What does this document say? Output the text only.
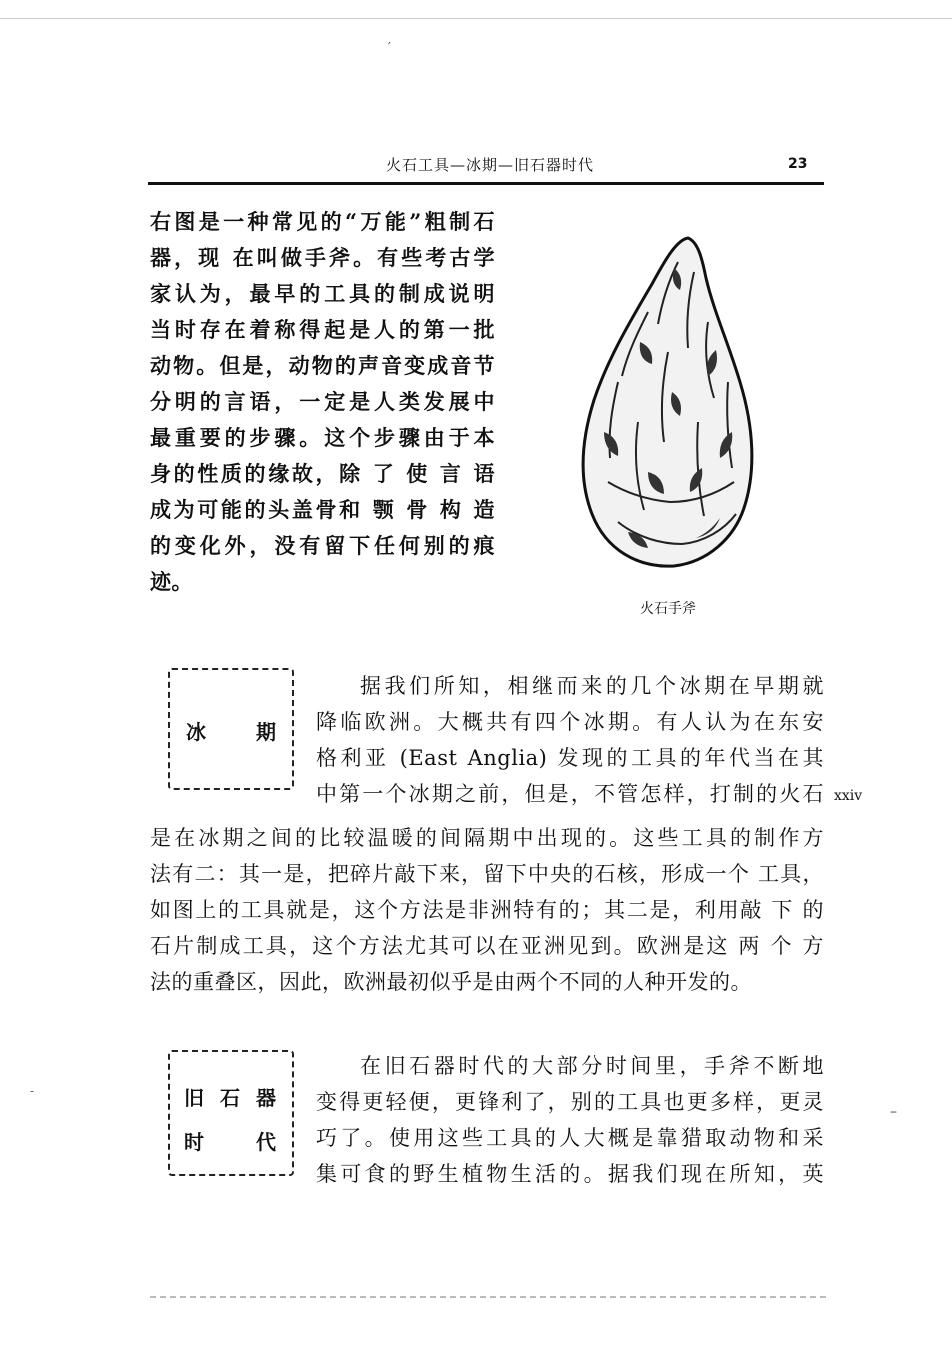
′
火石工具—冰期—旧石器时代	23
右图是一种常见的“万能”粗制石
器，现 在叫做手斧。有些考古学
家认为，最早的工具的制成说明
当时存在着称得起是人的第一批
动物。但是，动物的声音变成音节
分明的言语，一定是人类发展中
最重要的步骤。这个步骤由于本
身的性质的缘故，除 了 使 言 语
成为可能的头盖骨和 颚 骨 构 造
的变化外，没有留下任何别的痕
迹。
火石手斧
冰	期
据我们所知，相继而来的几个冰期在早期就
降临欧洲。大概共有四个冰期。有人认为在东安
格利亚 (East Anglia) 发现的工具的年代当在其
中第一个冰期之前，但是，不管怎样，打制的火石 xxiv
是在冰期之间的比较温暖的间隔期中出现的。这些工具的制作方
法有二：其一是，把碎片敲下来，留下中央的石核，形成一个 工具，
如图上的工具就是，这个方法是非洲特有的；其二是，利用敲 下 的
石片制成工具，这个方法尤其可以在亚洲见到。欧洲是这 两 个 方
法的重叠区，因此，欧洲最初似乎是由两个不同的人种开发的。
旧 石 器
时	代
在旧石器时代的大部分时间里，手斧不断地
变得更轻便，更锋利了，别的工具也更多样，更灵
巧了。使用这些工具的人大概是靠猎取动物和采
集可食的野生植物生活的。据我们现在所知，英
–
-
